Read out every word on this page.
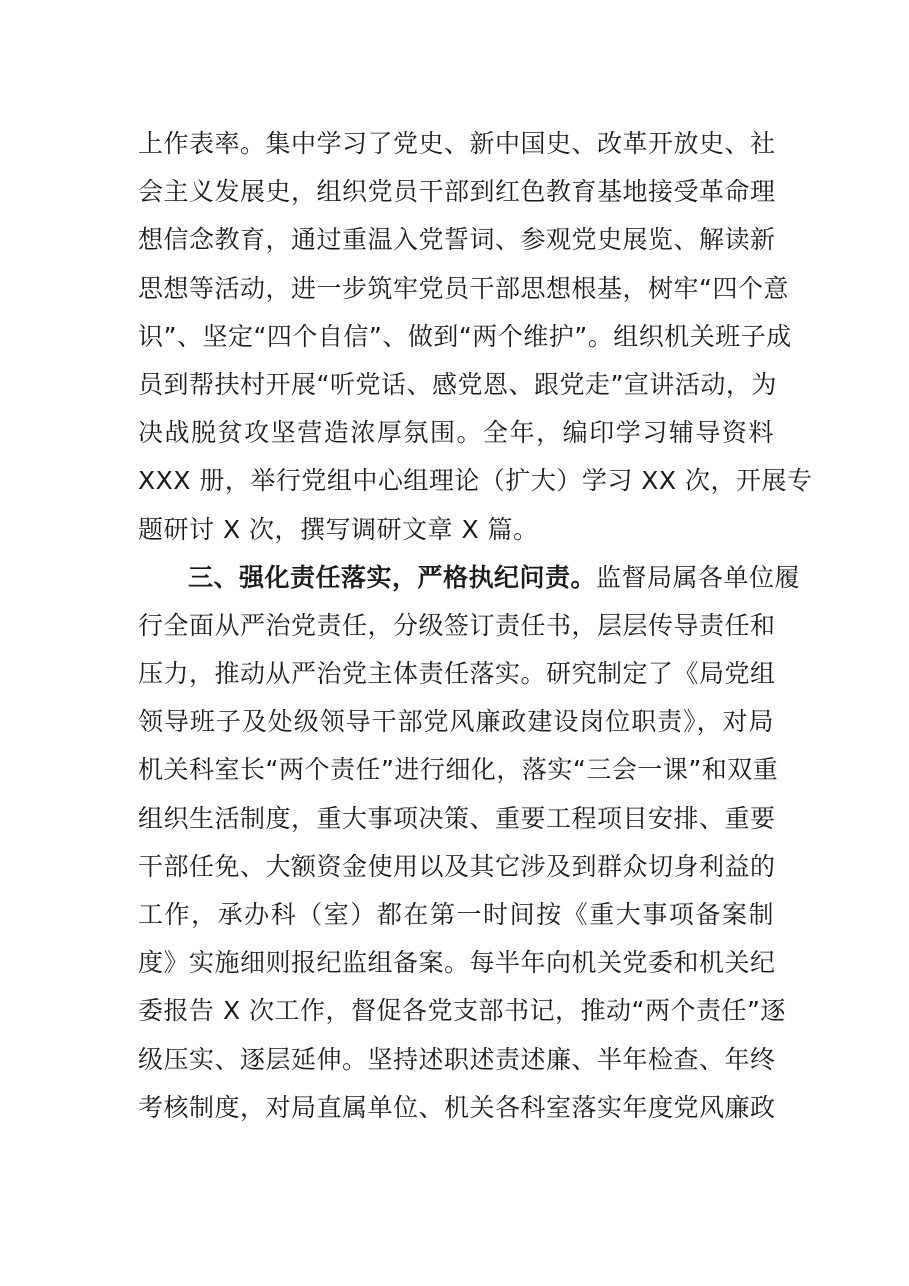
上作表率。集中学习了党史、新中国史、改革开放史、社
会主义发展史，组织党员干部到红色教育基地接受革命理
想信念教育，通过重温入党誓词、参观党史展览、解读新
思想等活动，进一步筑牢党员干部思想根基，树牢“四个意
识”、坚定“四个自信”、做到“两个维护”。组织机关班子成
员到帮扶村开展“听党话、感党恩、跟党走”宣讲活动，为
决战脱贫攻坚营造浓厚氛围。全年，编印学习辅导资料
XXX 册，举行党组中心组理论（扩大）学习 XX 次，开展专
题研讨 X 次，撰写调研文章 X 篇。
三、强化责任落实，严格执纪问责。监督局属各单位履
行全面从严治党责任，分级签订责任书，层层传导责任和
压力，推动从严治党主体责任落实。研究制定了《局党组
领导班子及处级领导干部党风廉政建设岗位职责》，对局
机关科室长“两个责任”进行细化，落实“三会一课”和双重
组织生活制度，重大事项决策、重要工程项目安排、重要
干部任免、大额资金使用以及其它涉及到群众切身利益的
工作，承办科（室）都在第一时间按《重大事项备案制
度》实施细则报纪监组备案。每半年向机关党委和机关纪
委报告 X 次工作，督促各党支部书记，推动“两个责任”逐
级压实、逐层延伸。坚持述职述责述廉、半年检查、年终
考核制度，对局直属单位、机关各科室落实年度党风廉政
